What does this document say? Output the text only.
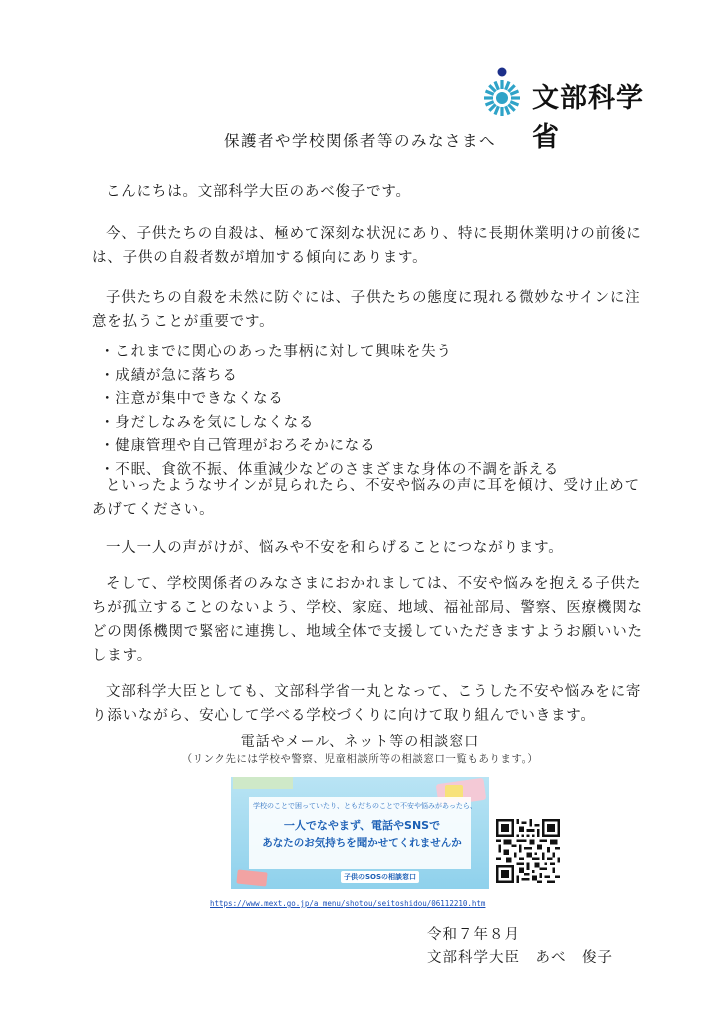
文部科学省
保護者や学校関係者等のみなさまへ

こんにちは。文部科学大臣のあべ俊子です。

今、子供たちの自殺は、極めて深刻な状況にあり、特に長期休業明けの前後には、子供の自殺者数が増加する傾向にあります。

子供たちの自殺を未然に防ぐには、子供たちの態度に現れる微妙なサインに注意を払うことが重要です。

・これまでに関心のあった事柄に対して興味を失う
・成績が急に落ちる
・注意が集中できなくなる
・身だしなみを気にしなくなる
・健康管理や自己管理がおろそかになる
・不眠、食欲不振、体重減少などのさまざまな身体の不調を訴える

といったようなサインが見られたら、不安や悩みの声に耳を傾け、受け止めてあげてください。

一人一人の声がけが、悩みや不安を和らげることにつながります。

そして、学校関係者のみなさまにおかれましては、不安や悩みを抱える子供たちが孤立することのないよう、学校、家庭、地域、福祉部局、警察、医療機関などの関係機関で緊密に連携し、地域全体で支援していただきますようお願いいたします。

文部科学大臣としても、文部科学省一丸となって、こうした不安や悩みをに寄り添いながら、安心して学べる学校づくりに向けて取り組んでいきます。

電話やメール、ネット等の相談窓口
（リンク先には学校や警察、児童相談所等の相談窓口一覧もあります。）
学校のことで困っていたり、ともだちのことで不安や悩みがあったら、
一人でなやまず、電話やSNSで
あなたのお気持ちを聞かせてくれませんか
子供のSOSの相談窓口
https://www.mext.go.jp/a_menu/shotou/seitoshidou/06112210.htm
令和７年８月
文部科学大臣　あべ　俊子
